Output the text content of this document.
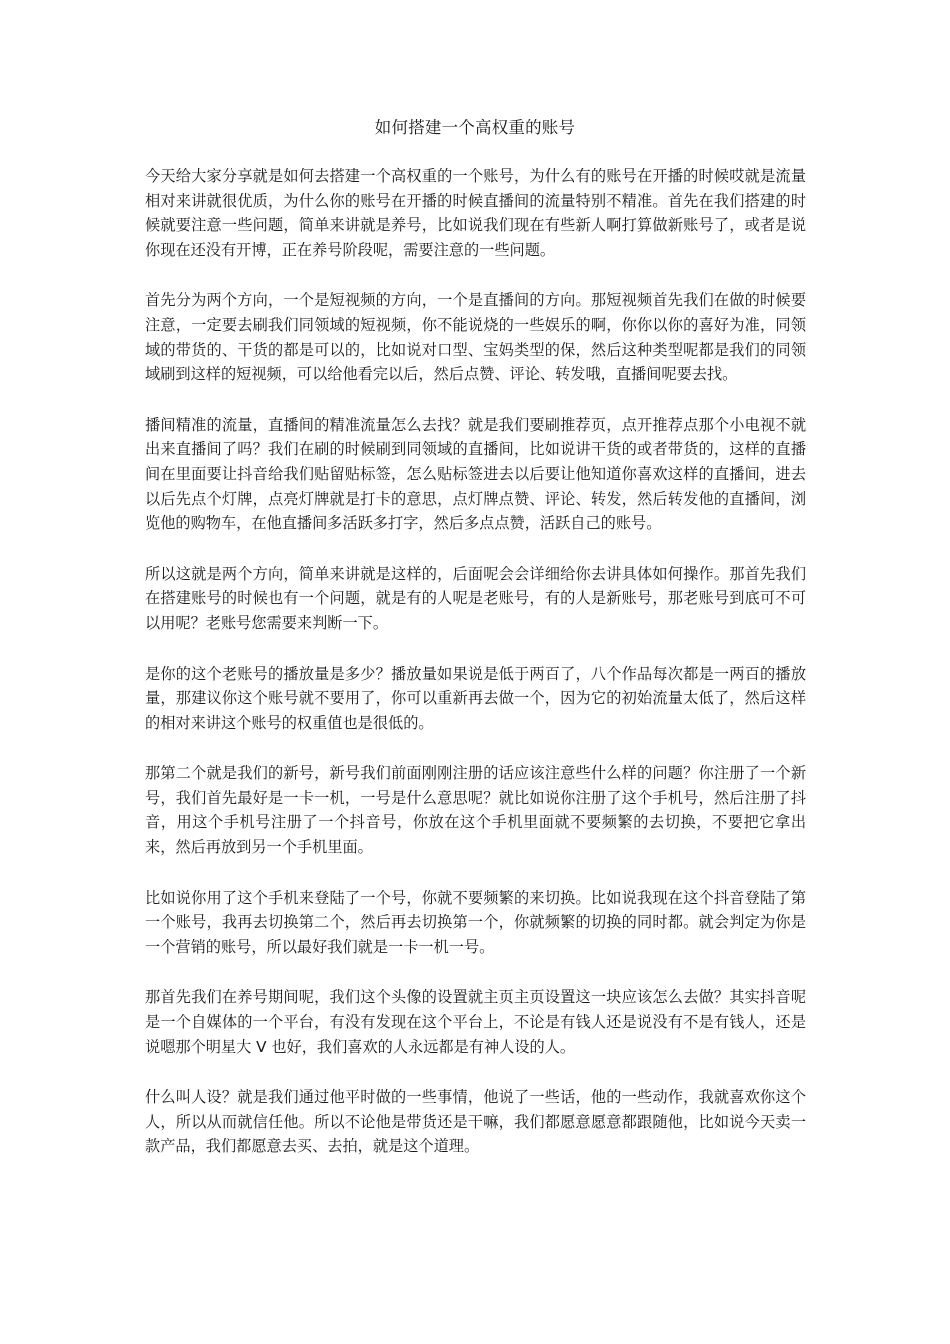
如何搭建一个高权重的账号

今天给大家分享就是如何去搭建一个高权重的一个账号，为什么有的账号在开播的时候哎就是流量相对来讲就很优质，为什么你的账号在开播的时候直播间的流量特别不精准。首先在我们搭建的时候就要注意一些问题，简单来讲就是养号，比如说我们现在有些新人啊打算做新账号了，或者是说你现在还没有开博，正在养号阶段呢，需要注意的一些问题。

首先分为两个方向，一个是短视频的方向，一个是直播间的方向。那短视频首先我们在做的时候要注意，一定要去刷我们同领域的短视频，你不能说烧的一些娱乐的啊，你你以你的喜好为准，同领域的带货的、干货的都是可以的，比如说对口型、宝妈类型的保，然后这种类型呢都是我们的同领域刷到这样的短视频，可以给他看完以后，然后点赞、评论、转发哦，直播间呢要去找。

播间精准的流量，直播间的精准流量怎么去找？就是我们要刷推荐页，点开推荐点那个小电视不就出来直播间了吗？我们在刷的时候刷到同领域的直播间，比如说讲干货的或者带货的，这样的直播间在里面要让抖音给我们贴留贴标签，怎么贴标签进去以后要让他知道你喜欢这样的直播间，进去以后先点个灯牌，点亮灯牌就是打卡的意思，点灯牌点赞、评论、转发，然后转发他的直播间，浏览他的购物车，在他直播间多活跃多打字，然后多点点赞，活跃自己的账号。

所以这就是两个方向，简单来讲就是这样的，后面呢会会详细给你去讲具体如何操作。那首先我们在搭建账号的时候也有一个问题，就是有的人呢是老账号，有的人是新账号，那老账号到底可不可以用呢？老账号您需要来判断一下。

是你的这个老账号的播放量是多少？播放量如果说是低于两百了，八个作品每次都是一两百的播放量，那建议你这个账号就不要用了，你可以重新再去做一个，因为它的初始流量太低了，然后这样的相对来讲这个账号的权重值也是很低的。

那第二个就是我们的新号，新号我们前面刚刚注册的话应该注意些什么样的问题？你注册了一个新号，我们首先最好是一卡一机，一号是什么意思呢？就比如说你注册了这个手机号，然后注册了抖音，用这个手机号注册了一个抖音号，你放在这个手机里面就不要频繁的去切换，不要把它拿出来，然后再放到另一个手机里面。

比如说你用了这个手机来登陆了一个号，你就不要频繁的来切换。比如说我现在这个抖音登陆了第一个账号，我再去切换第二个，然后再去切换第一个，你就频繁的切换的同时都。就会判定为你是一个营销的账号，所以最好我们就是一卡一机一号。

那首先我们在养号期间呢，我们这个头像的设置就主页主页设置这一块应该怎么去做？其实抖音呢是一个自媒体的一个平台，有没有发现在这个平台上，不论是有钱人还是说没有不是有钱人，还是说嗯那个明星大 V 也好，我们喜欢的人永远都是有神人设的人。

什么叫人设？就是我们通过他平时做的一些事情，他说了一些话，他的一些动作，我就喜欢你这个人，所以从而就信任他。所以不论他是带货还是干嘛，我们都愿意愿意都跟随他，比如说今天卖一款产品，我们都愿意去买、去拍，就是这个道理。
